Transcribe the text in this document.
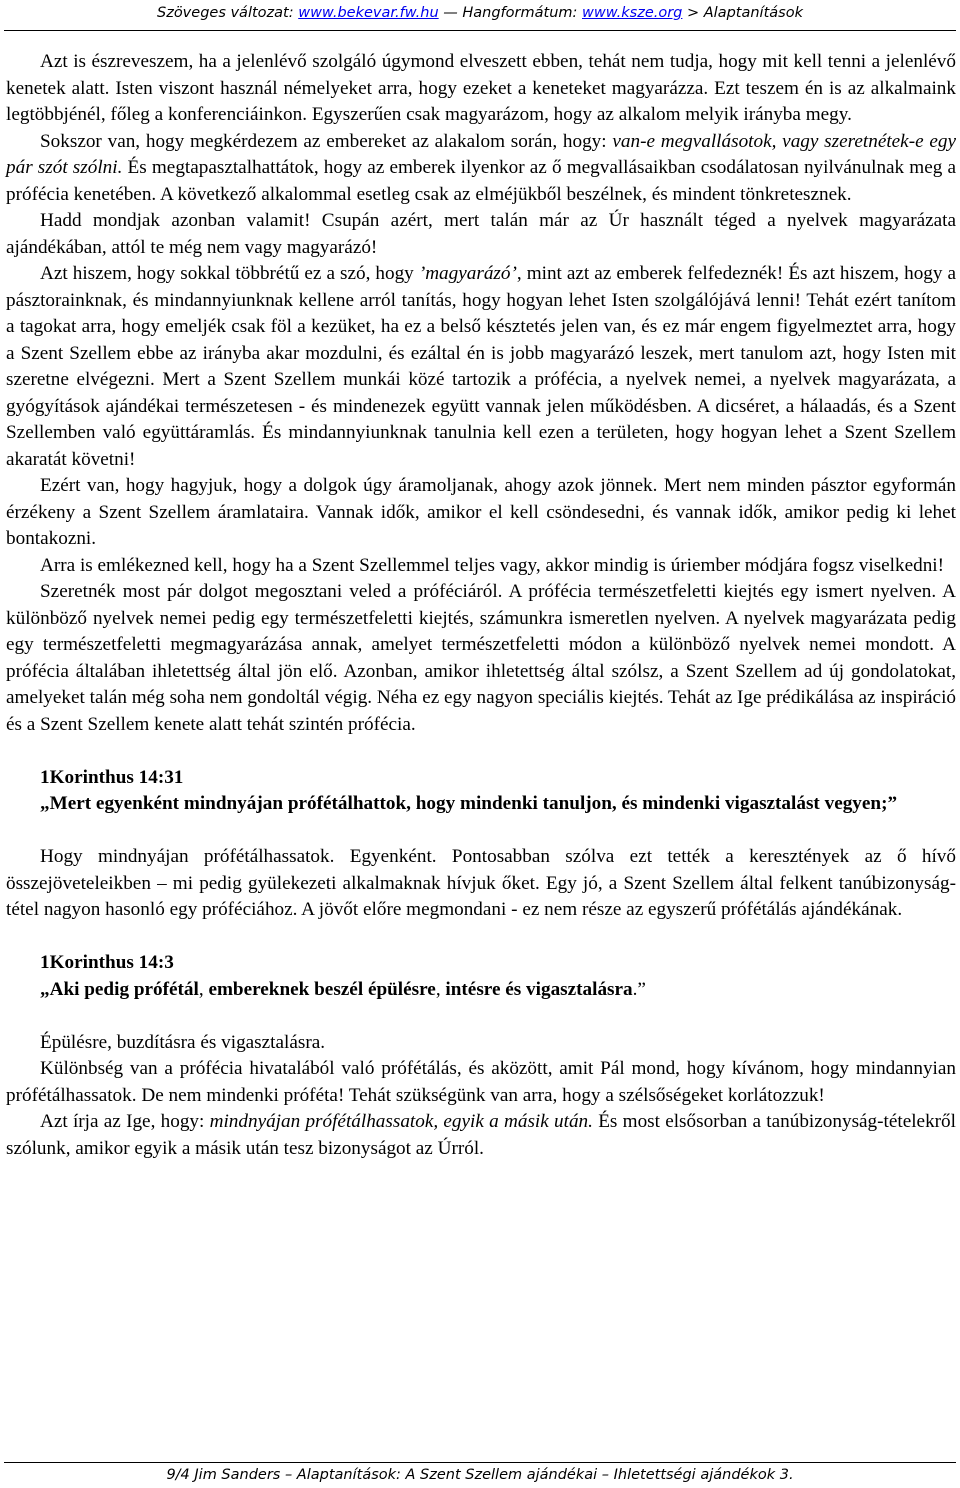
Szöveges változat: www.bekevar.fw.hu — Hangformátum: www.ksze.org > Alaptanítások

Azt is észreveszem, ha a jelenlévő szolgáló úgymond elveszett ebben, tehát nem tudja, hogy mit kell tenni a jelenlévő kenetek alatt. Isten viszont használ némelyeket arra, hogy ezeket a keneteket magyarázza. Ezt teszem én is az alkalmaink legtöbbjénél, főleg a konferenciáinkon. Egyszerűen csak magyarázom, hogy az alkalom melyik irányba megy.

Sokszor van, hogy megkérdezem az embereket az alakalom során, hogy: van-e megvallásotok, vagy szeretnétek-e egy pár szót szólni. És megtapasztalhattátok, hogy az emberek ilyenkor az ő megvallásaikban csodálatosan nyilvánulnak meg a prófécia kenetében. A következő alkalommal esetleg csak az elméjükből beszélnek, és mindent tönkretesznek.

Hadd mondjak azonban valamit! Csupán azért, mert talán már az Úr használt téged a nyelvek magyarázata ajándékában, attól te még nem vagy magyarázó!

Azt hiszem, hogy sokkal többrétű ez a szó, hogy ’magyarázó’, mint azt az emberek felfedeznék! És azt hiszem, hogy a pásztorainknak, és mindannyiunknak kellene arról tanítás, hogy hogyan lehet Isten szolgálójává lenni! Tehát ezért tanítom a tagokat arra, hogy emeljék csak föl a kezüket, ha ez a belső késztetés jelen van, és ez már engem figyelmeztet arra, hogy a Szent Szellem ebbe az irányba akar mozdulni, és ezáltal én is jobb magyarázó leszek, mert tanulom azt, hogy Isten mit szeretne elvégezni. Mert a Szent Szellem munkái közé tartozik a prófécia, a nyelvek nemei, a nyelvek magyarázata, a gyógyítások ajándékai természetesen - és mindenezek együtt vannak jelen működésben. A dicséret, a hálaadás, és a Szent Szellemben való együttáramlás. És mindannyiunknak tanulnia kell ezen a területen, hogy hogyan lehet a Szent Szellem akaratát követni!

Ezért van, hogy hagyjuk, hogy a dolgok úgy áramoljanak, ahogy azok jönnek. Mert nem minden pásztor egyformán érzékeny a Szent Szellem áramlataira. Vannak idők, amikor el kell csöndesedni, és vannak idők, amikor pedig ki lehet bontakozni.

Arra is emlékezned kell, hogy ha a Szent Szellemmel teljes vagy, akkor mindig is úriember módjára fogsz viselkedni!

Szeretnék most pár dolgot megosztani veled a próféciáról. A prófécia természetfeletti kiejtés egy ismert nyelven. A különböző nyelvek nemei pedig egy természetfeletti kiejtés, számunkra ismeretlen nyelven. A nyelvek magyarázata pedig egy természetfeletti megmagyarázása annak, amelyet természetfeletti módon a különböző nyelvek nemei mondott. A prófécia általában ihletettség által jön elő. Azonban, amikor ihletettség által szólsz, a Szent Szellem ad új gondolatokat, amelyeket talán még soha nem gondoltál végig. Néha ez egy nagyon speciális kiejtés. Tehát az Ige prédikálása az inspiráció és a Szent Szellem kenete alatt tehát szintén prófécia.

1Korinthus 14:31

„Mert egyenként mindnyájan prófétálhattok, hogy mindenki tanuljon, és mindenki vigasztalást vegyen;”

Hogy mindnyájan prófétálhassatok. Egyenként. Pontosabban szólva ezt tették a keresztények az ő hívő összejöveteleikben – mi pedig gyülekezeti alkalmaknak hívjuk őket. Egy jó, a Szent Szellem által felkent tanúbizonyság-tétel nagyon hasonló egy próféciához. A jövőt előre megmondani - ez nem része az egyszerű prófétálás ajándékának.

1Korinthus 14:3

„Aki pedig prófétál, embereknek beszél épülésre, intésre és vigasztalásra.”

Épülésre, buzdításra és vigasztalásra.

Különbség van a prófécia hivatalából való prófétálás, és aközött, amit Pál mond, hogy kívánom, hogy mindannyian prófétálhassatok. De nem mindenki próféta! Tehát szükségünk van arra, hogy a szélsőségeket korlátozzuk!

Azt írja az Ige, hogy: mindnyájan prófétálhassatok, egyik a másik után. És most elsősorban a tanúbizonyság-tételekről szólunk, amikor egyik a másik után tesz bizonyságot az Úrról.

9/4 Jim Sanders – Alaptanítások: A Szent Szellem ajándékai – Ihletettségi ajándékok 3.
